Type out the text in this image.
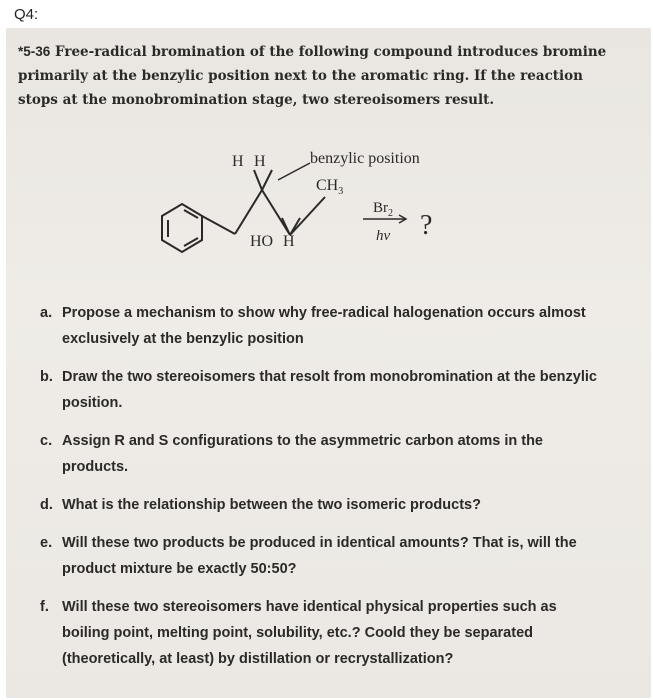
Q4:
*5-36 Free-radical bromination of the following compound introduces bromine primarily at the benzylic position next to the aromatic ring. If the reaction stops at the monobromination stage, two stereoisomers result.
H H	benzylic position
$CH_3$
HO H
$Br_2$
hν ?
a. Propose a mechanism to show why free-radical halogenation occurs almost exclusively at the benzylic position
b. Draw the two stereoisomers that resolt from monobromination at the benzylic position.
c. Assign R and S configurations to the asymmetric carbon atoms in the products.
d. What is the relationship between the two isomeric products?
e. Will these two products be produced in identical amounts? That is, will the product mixture be exactly 50:50?
f. Will these two stereoisomers have identical physical properties such as boiling point, melting point, solubility, etc.? Coold they be separated (theoretically, at least) by distillation or recrystallization?
